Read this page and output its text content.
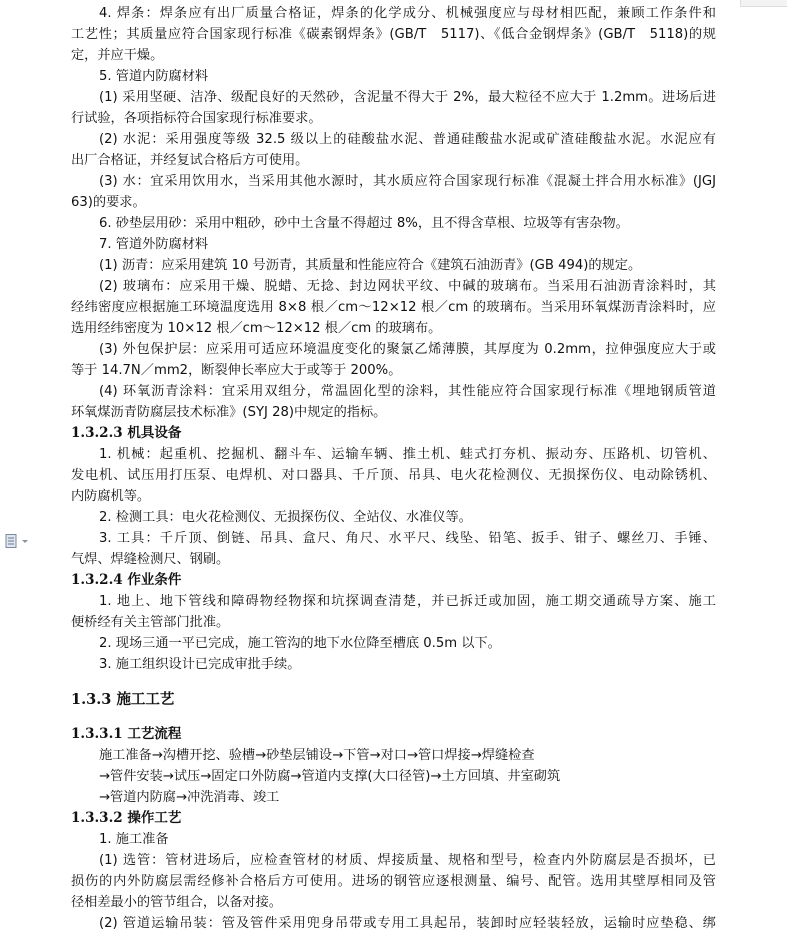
4. 焊条：焊条应有出厂质量合格证，焊条的化学成分、机械强度应与母材相匹配，兼顾工作条件和
工艺性；其质量应符合国家现行标准《碳素钢焊条》(GB/T　5117)、《低合金钢焊条》(GB/T　5118)的规
定，并应干燥。
5. 管道内防腐材料
(1) 采用坚硬、洁净、级配良好的天然砂，含泥量不得大于 2%，最大粒径不应大于 1.2mm。进场后进
行试验，各项指标符合国家现行标准要求。
(2) 水泥：采用强度等级 32.5 级以上的硅酸盐水泥、普通硅酸盐水泥或矿渣硅酸盐水泥。水泥应有
出厂合格证，并经复试合格后方可使用。
(3) 水：宜采用饮用水，当采用其他水源时，其水质应符合国家现行标准《混凝土拌合用水标准》(JGJ
63)的要求。
6. 砂垫层用砂：采用中粗砂，砂中土含量不得超过 8%，且不得含草根、垃圾等有害杂物。
7. 管道外防腐材料
(1) 沥青：应采用建筑 10 号沥青，其质量和性能应符合《建筑石油沥青》(GB 494)的规定。
(2) 玻璃布：应采用干燥、脱蜡、无捻、封边网状平纹、中碱的玻璃布。当采用石油沥青涂料时，其
经纬密度应根据施工环境温度选用 8×8 根／cm～12×12 根／cm 的玻璃布。当采用环氧煤沥青涂料时，应
选用经纬密度为 10×12 根／cm～12×12 根／cm 的玻璃布。
(3) 外包保护层：应采用可适应环境温度变化的聚氯乙烯薄膜，其厚度为 0.2mm，拉伸强度应大于或
等于 14.7N／mm2，断裂伸长率应大于或等于 200%。
(4) 环氧沥青涂料：宜采用双组分，常温固化型的涂料，其性能应符合国家现行标准《埋地钢质管道
环氧煤沥青防腐层技术标准》(SYJ 28)中规定的指标。
1.3.2.3 机具设备
1. 机械：起重机、挖掘机、翻斗车、运输车辆、推土机、蛙式打夯机、振动夯、压路机、切管机、
发电机、试压用打压泵、电焊机、对口器具、千斤顶、吊具、电火花检测仪、无损探伤仪、电动除锈机、
内防腐机等。
2. 检测工具：电火花检测仪、无损探伤仪、全站仪、水准仪等。
3. 工具：千斤顶、倒链、吊具、盒尺、角尺、水平尺、线坠、铅笔、扳手、钳子、螺丝刀、手锤、
气焊、焊缝检测尺、钢刷。
1.3.2.4 作业条件
1. 地上、地下管线和障碍物经物探和坑探调查清楚，并已拆迁或加固，施工期交通疏导方案、施工
便桥经有关主管部门批准。
2. 现场三通一平已完成，施工管沟的地下水位降至槽底 0.5m 以下。
3. 施工组织设计已完成审批手续。
1.3.3 施工工艺
1.3.3.1 工艺流程
施工准备→沟槽开挖、验槽→砂垫层铺设→下管→对口→管口焊接→焊缝检查
→管件安装→试压→固定口外防腐→管道内支撑(大口径管)→土方回填、井室砌筑
→管道内防腐→冲洗消毒、竣工
1.3.3.2 操作工艺
1. 施工准备
(1) 选管：管材进场后，应检查管材的材质、焊接质量、规格和型号，检查内外防腐层是否损坏，已
损伤的内外防腐层需经修补合格后方可使用。进场的钢管应逐根测量、编号、配管。选用其壁厚相同及管
径相差最小的管节组合，以备对接。
(2) 管道运输吊装：管及管件采用兜身吊带或专用工具起吊，装卸时应轻装轻放，运输时应垫稳、绑
